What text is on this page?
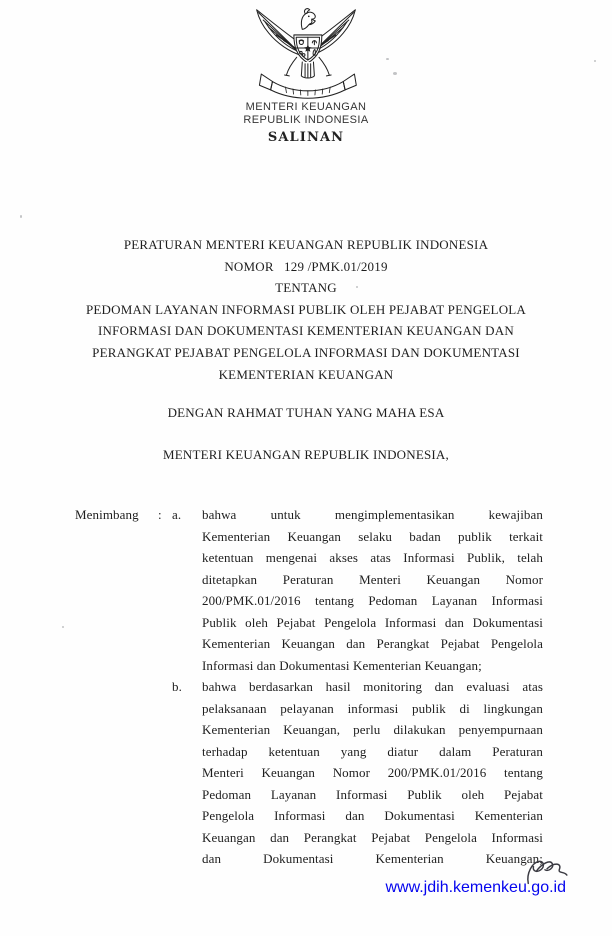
MENTERI KEUANGAN
REPUBLIK INDONESIA
SALINAN
PERATURAN MENTERI KEUANGAN REPUBLIK INDONESIA
NOMOR   129 /PMK.01/2019
TENTANG
PEDOMAN LAYANAN INFORMASI PUBLIK OLEH PEJABAT PENGELOLA
INFORMASI DAN DOKUMENTASI KEMENTERIAN KEUANGAN DAN
PERANGKAT PEJABAT PENGELOLA INFORMASI DAN DOKUMENTASI
KEMENTERIAN KEUANGAN
DENGAN RAHMAT TUHAN YANG MAHA ESA
MENTERI KEUANGAN REPUBLIK INDONESIA,
Menimbang : a.
b.
bahwa untuk mengimplementasikan kewajiban
Kementerian Keuangan selaku badan publik terkait
ketentuan mengenai akses atas Informasi Publik, telah
ditetapkan Peraturan Menteri Keuangan Nomor
200/PMK.01/2016 tentang Pedoman Layanan Informasi
Publik oleh Pejabat Pengelola Informasi dan Dokumentasi
Kementerian Keuangan dan Perangkat Pejabat Pengelola
Informasi dan Dokumentasi Kementerian Keuangan;
bahwa berdasarkan hasil monitoring dan evaluasi atas
pelaksanaan pelayanan informasi publik di lingkungan
Kementerian Keuangan, perlu dilakukan penyempurnaan
terhadap ketentuan yang diatur dalam Peraturan
Menteri Keuangan Nomor 200/PMK.01/2016 tentang
Pedoman Layanan Informasi Publik oleh Pejabat
Pengelola Informasi dan Dokumentasi Kementerian
Keuangan dan Perangkat Pejabat Pengelola Informasi
dan Dokumentasi Kementerian Keuangan;
www.jdih.kemenkeu.go.id
